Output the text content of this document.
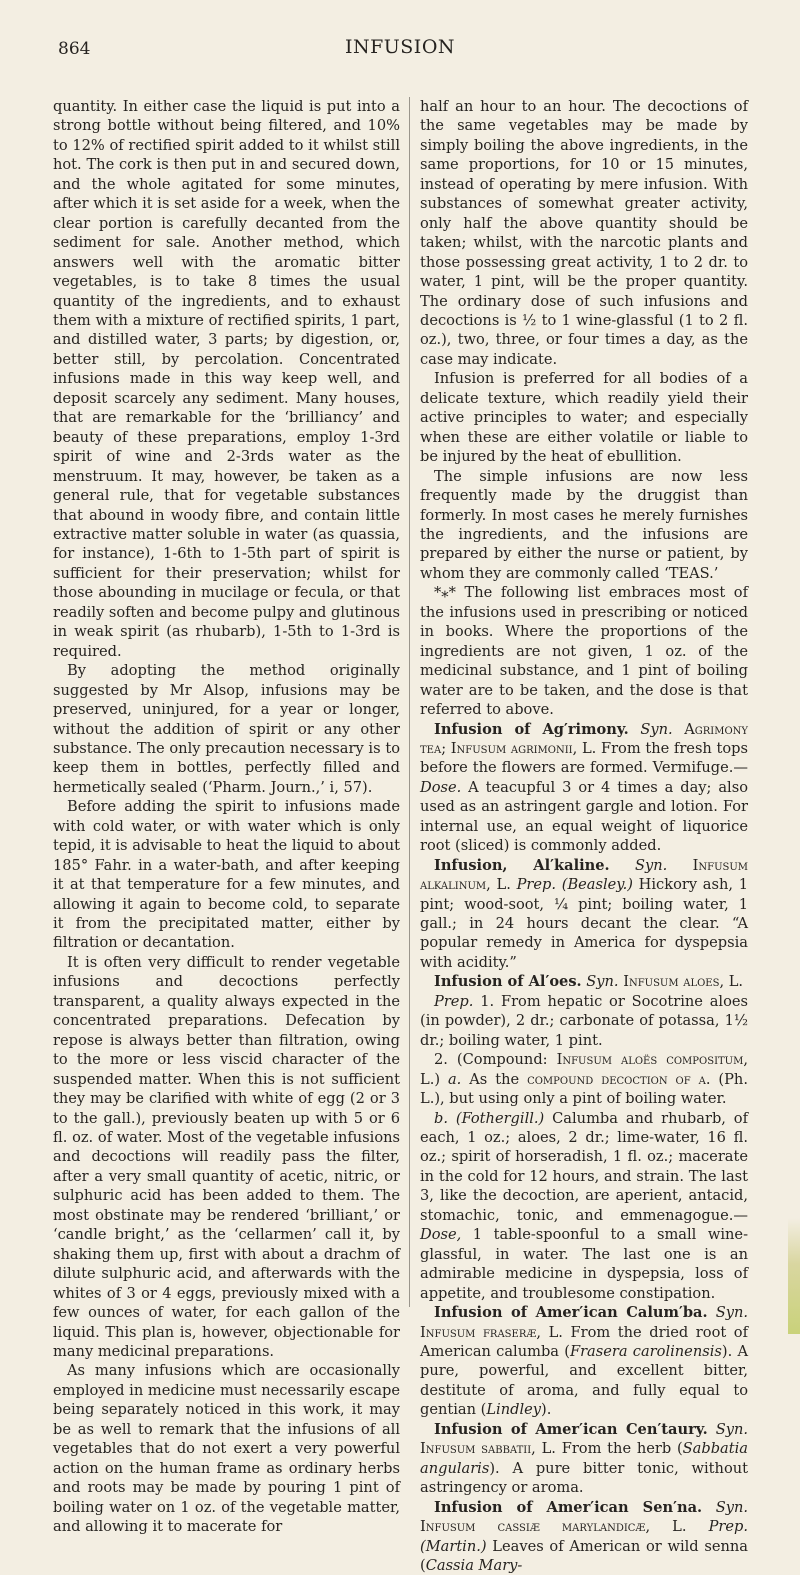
864	INFUSION

quantity. In either case the liquid is put into a strong bottle without being filtered, and 10% to 12% of rectified spirit added to it whilst still hot. The cork is then put in and secured down, and the whole agitated for some minutes, after which it is set aside for a week, when the clear portion is carefully decanted from the sediment for sale. Another method, which answers well with the aromatic bitter vegetables, is to take 8 times the usual quantity of the ingredients, and to exhaust them with a mixture of rectified spirits, 1 part, and distilled water, 3 parts; by digestion, or, better still, by percolation. Concentrated infusions made in this way keep well, and deposit scarcely any sediment. Many houses, that are remarkable for the ‘brilliancy’ and beauty of these preparations, employ 1-3rd spirit of wine and 2-3rds water as the menstruum. It may, however, be taken as a general rule, that for vegetable substances that abound in woody fibre, and contain little extractive matter soluble in water (as quassia, for instance), 1-6th to 1-5th part of spirit is sufficient for their preservation; whilst for those abounding in mucilage or fecula, or that readily soften and become pulpy and glutinous in weak spirit (as rhubarb), 1-5th to 1-3rd is required.

By adopting the method originally suggested by Mr Alsop, infusions may be preserved, uninjured, for a year or longer, without the addition of spirit or any other substance. The only precaution necessary is to keep them in bottles, perfectly filled and hermetically sealed (‘Pharm. Journ.,’ i, 57).

Before adding the spirit to infusions made with cold water, or with water which is only tepid, it is advisable to heat the liquid to about 185° Fahr. in a water-bath, and after keeping it at that temperature for a few minutes, and allowing it again to become cold, to separate it from the precipitated matter, either by filtration or decantation.

It is often very difficult to render vegetable infusions and decoctions perfectly transparent, a quality always expected in the concentrated preparations. Defecation by repose is always better than filtration, owing to the more or less viscid character of the suspended matter. When this is not sufficient they may be clarified with white of egg (2 or 3 to the gall.), previously beaten up with 5 or 6 fl. oz. of water. Most of the vegetable infusions and decoctions will readily pass the filter, after a very small quantity of acetic, nitric, or sulphuric acid has been added to them. The most obstinate may be rendered ‘brilliant,’ or ‘candle bright,’ as the ‘cellarmen’ call it, by shaking them up, first with about a drachm of dilute sulphuric acid, and afterwards with the whites of 3 or 4 eggs, previously mixed with a few ounces of water, for each gallon of the liquid. This plan is, however, objectionable for many medicinal preparations.

As many infusions which are occasionally employed in medicine must necessarily escape being separately noticed in this work, it may be as well to remark that the infusions of all vegetables that do not exert a very powerful action on the human frame as ordinary herbs and roots may be made by pouring 1 pint of boiling water on 1 oz. of the vegetable matter, and allowing it to macerate for

half an hour to an hour. The decoctions of the same vegetables may be made by simply boiling the above ingredients, in the same proportions, for 10 or 15 minutes, instead of operating by mere infusion. With substances of somewhat greater activity, only half the above quantity should be taken; whilst, with the narcotic plants and those possessing great activity, 1 to 2 dr. to water, 1 pint, will be the proper quantity. The ordinary dose of such infusions and decoctions is ½ to 1 wine-glassful (1 to 2 fl. oz.), two, three, or four times a day, as the case may indicate.

Infusion is preferred for all bodies of a delicate texture, which readily yield their active principles to water; and especially when these are either volatile or liable to be injured by the heat of ebullition.

The simple infusions are now less frequently made by the druggist than formerly. In most cases he merely furnishes the ingredients, and the infusions are prepared by either the nurse or patient, by whom they are commonly called ‘TEAS.’

*⁎* The following list embraces most of the infusions used in prescribing or noticed in books. Where the proportions of the ingredients are not given, 1 oz. of the medicinal substance, and 1 pint of boiling water are to be taken, and the dose is that referred to above.

Infusion of Ag′rimony. Syn. Agrimony tea; Infusum agrimonii, L. From the fresh tops before the flowers are formed. Vermifuge.— Dose. A teacupful 3 or 4 times a day; also used as an astringent gargle and lotion. For internal use, an equal weight of liquorice root (sliced) is commonly added.

Infusion, Al′kaline. Syn. Infusum alkalinum, L. Prep. (Beasley.) Hickory ash, 1 pint; wood-soot, ¼ pint; boiling water, 1 gall.; in 24 hours decant the clear. “A popular remedy in America for dyspepsia with acidity.”

Infusion of Al′oes. Syn. Infusum aloes, L.

Prep. 1. From hepatic or Socotrine aloes (in powder), 2 dr.; carbonate of potassa, 1½ dr.; boiling water, 1 pint.

2. (Compound: Infusum aloës compositum, L.) a. As the compound decoction of a. (Ph. L.), but using only a pint of boiling water.

b. (Fothergill.) Calumba and rhubarb, of each, 1 oz.; aloes, 2 dr.; lime-water, 16 fl. oz.; spirit of horseradish, 1 fl. oz.; macerate in the cold for 12 hours, and strain. The last 3, like the decoction, are aperient, antacid, stomachic, tonic, and emmenagogue.—Dose, 1 table-spoonful to a small wine-glassful, in water. The last one is an admirable medicine in dyspepsia, loss of appetite, and troublesome constipation.

Infusion of Amer′ican Calum′ba. Syn. Infusum fraseræ, L. From the dried root of American calumba (Frasera carolinensis). A pure, powerful, and excellent bitter, destitute of aroma, and fully equal to gentian (Lindley).

Infusion of Amer′ican Cen′taury. Syn. Infusum sabbatii, L. From the herb (Sabbatia angularis). A pure bitter tonic, without astringency or aroma.

Infusion of Amer′ican Sen′na. Syn. Infusum cassiæ marylandicæ, L. Prep. (Martin.) Leaves of American or wild senna (Cassia Mary-
